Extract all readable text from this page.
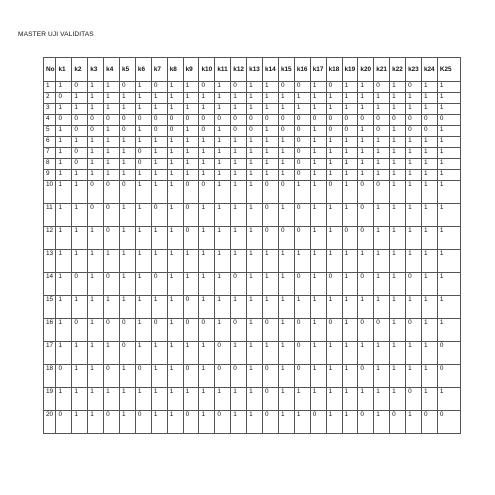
MASTER UJI VALIDITAS
No	k1	k2	k3	k4	k5	k6	k7	k8	k9	k10	k11	k12	k13	k14	k15	k16	k17	k18	k19	k20	k21	k22	k23	k24	K25
1	1	0	1	1	0	1	0	1	1	0	1	0	1	1	0	0	1	0	1	1	0	1	0	1	1
2	0	1	1	1	1	1	1	1	1	1	1	1	1	1	1	1	1	1	1	1	1	1	1	1	1
3	1	1	1	1	1	1	1	1	1	1	1	1	1	1	1	1	1	1	1	1	1	1	1	1	1
4	0	0	0	0	0	0	0	0	0	0	0	0	0	0	0	0	0	0	0	0	0	0	0	0	0
5	1	0	0	1	0	1	0	0	1	0	1	0	0	1	0	0	1	0	0	1	0	1	0	0	1
6	1	1	1	1	1	1	1	1	1	1	1	1	1	1	1	0	1	1	1	1	1	1	1	1	1
7	1	0	1	1	1	0	1	1	1	1	1	1	1	1	1	0	1	1	1	1	1	1	1	1	1
8	1	0	1	1	1	0	1	1	1	1	1	1	1	1	1	0	1	1	1	1	1	1	1	1	1
9	1	1	1	1	1	1	1	1	1	1	1	1	1	1	1	0	1	1	1	1	1	1	1	1	1
10	1	1	0	0	0	1	1	1	0	0	1	1	1	0	0	1	1	0	1	0	0	1	1	1	1
11	1	1	0	0	1	1	0	1	0	1	1	1	1	0	1	0	1	1	1	0	1	1	1	1	1
12	1	1	1	0	1	1	1	1	0	1	1	1	1	0	0	0	1	1	0	0	1	1	1	1	1
13	1	1	1	1	1	1	1	1	1	1	1	1	1	1	1	1	1	1	1	1	1	1	1	1	1
14	1	0	1	0	1	1	0	1	1	1	1	0	1	1	1	0	1	0	1	0	1	1	0	1	1
15	1	1	1	1	1	1	1	1	0	1	1	1	1	1	1	1	1	1	1	1	1	1	1	1	1
16	1	0	1	0	0	1	0	1	0	0	1	0	1	0	1	0	1	0	1	0	0	1	0	1	1
17	1	1	1	1	0	1	1	1	1	1	0	1	1	1	1	0	1	1	1	1	1	1	1	1	0
18	0	1	1	0	1	0	1	1	0	1	0	0	1	0	1	0	1	1	1	0	1	1	1	1	0
19	1	1	1	1	1	1	1	1	1	1	1	1	1	0	1	1	1	1	1	1	1	1	0	1	1
20	0	1	1	0	1	0	1	1	0	1	0	1	1	0	1	1	0	1	1	0	1	0	1	0	0
